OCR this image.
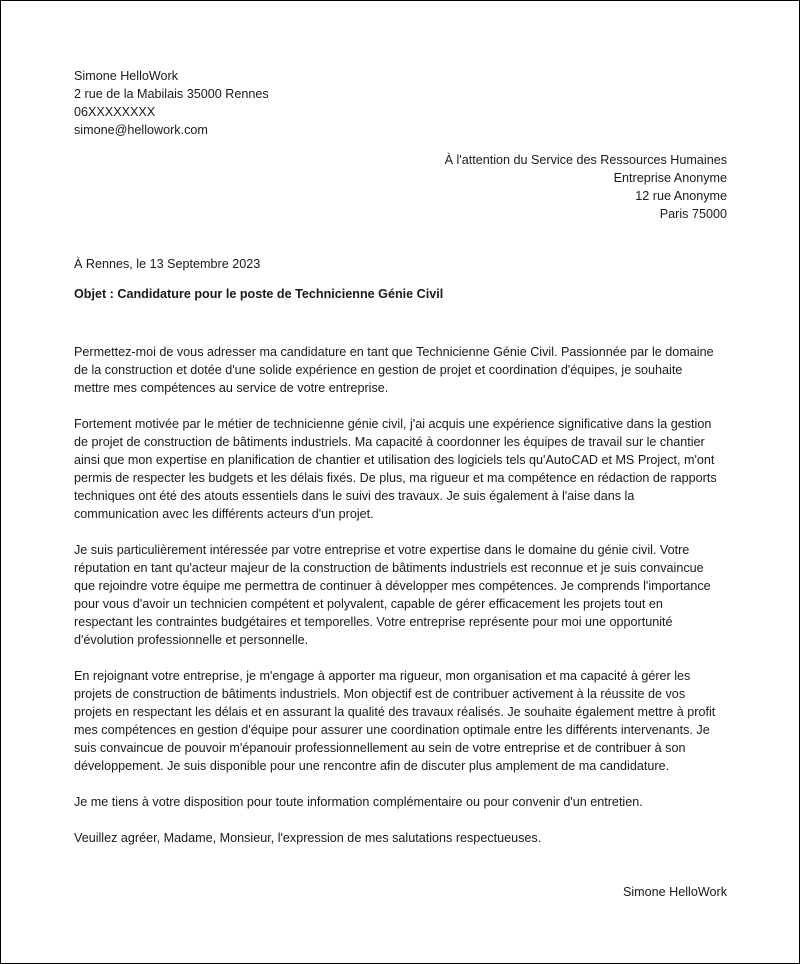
Simone HelloWork
2 rue de la Mabilais 35000 Rennes
06XXXXXXXX
simone@hellowork.com
À l'attention du Service des Ressources Humaines
Entreprise Anonyme
12 rue Anonyme
Paris 75000
À Rennes, le 13 Septembre 2023
Objet : Candidature pour le poste de Technicienne Génie Civil

Permettez-moi de vous adresser ma candidature en tant que Technicienne Génie Civil. Passionnée par le domaine
de la construction et dotée d'une solide expérience en gestion de projet et coordination d'équipes, je souhaite
mettre mes compétences au service de votre entreprise.

Fortement motivée par le métier de technicienne génie civil, j'ai acquis une expérience significative dans la gestion
de projet de construction de bâtiments industriels. Ma capacité à coordonner les équipes de travail sur le chantier
ainsi que mon expertise en planification de chantier et utilisation des logiciels tels qu'AutoCAD et MS Project, m'ont
permis de respecter les budgets et les délais fixés. De plus, ma rigueur et ma compétence en rédaction de rapports
techniques ont été des atouts essentiels dans le suivi des travaux. Je suis également à l'aise dans la
communication avec les différents acteurs d'un projet.

Je suis particulièrement intéressée par votre entreprise et votre expertise dans le domaine du génie civil. Votre
réputation en tant qu'acteur majeur de la construction de bâtiments industriels est reconnue et je suis convaincue
que rejoindre votre équipe me permettra de continuer à développer mes compétences. Je comprends l'importance
pour vous d'avoir un technicien compétent et polyvalent, capable de gérer efficacement les projets tout en
respectant les contraintes budgétaires et temporelles. Votre entreprise représente pour moi une opportunité
d'évolution professionnelle et personnelle.

En rejoignant votre entreprise, je m'engage à apporter ma rigueur, mon organisation et ma capacité à gérer les
projets de construction de bâtiments industriels. Mon objectif est de contribuer activement à la réussite de vos
projets en respectant les délais et en assurant la qualité des travaux réalisés. Je souhaite également mettre à profit
mes compétences en gestion d'équipe pour assurer une coordination optimale entre les différents intervenants. Je
suis convaincue de pouvoir m'épanouir professionnellement au sein de votre entreprise et de contribuer à son
développement. Je suis disponible pour une rencontre afin de discuter plus amplement de ma candidature.

Je me tiens à votre disposition pour toute information complémentaire ou pour convenir d'un entretien.

Veuillez agréer, Madame, Monsieur, l'expression de mes salutations respectueuses.

Simone HelloWork
